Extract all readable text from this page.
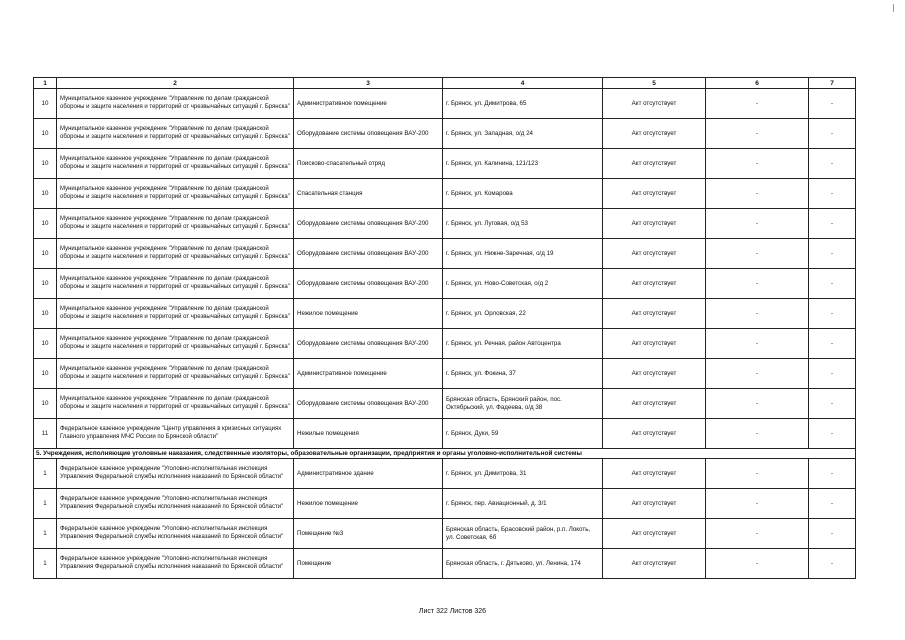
1	2	3	4	5	6	7
10	Муниципальное казенное учреждение "Управление по делам гражданской обороны и защите населения и территорий от чрезвычайных ситуаций г. Брянска"	Административное помещение	г. Брянск, ул. Димитрова, 65	Акт отсутствует	-	-
10	Муниципальное казенное учреждение "Управление по делам гражданской обороны и защите населения и территорий от чрезвычайных ситуаций г. Брянска"	Оборудование системы оповещения ВАУ-200	г. Брянск, ул. Западная, о/д 24	Акт отсутствует	-	-
10	Муниципальное казенное учреждение "Управление по делам гражданской обороны и защите населения и территорий от чрезвычайных ситуаций г. Брянска"	Поисково-спасательный отряд	г. Брянск, ул. Калинина, 121/123	Акт отсутствует	-	-
10	Муниципальное казенное учреждение "Управление по делам гражданской обороны и защите населения и территорий от чрезвычайных ситуаций г. Брянска"	Спасательная станция	г. Брянск, ул. Комарова	Акт отсутствует	-	-
10	Муниципальное казенное учреждение "Управление по делам гражданской обороны и защите населения и территорий от чрезвычайных ситуаций г. Брянска"	Оборудование системы оповещения ВАУ-200	г. Брянск, ул. Луговая, о/д 53	Акт отсутствует	-	-
10	Муниципальное казенное учреждение "Управление по делам гражданской обороны и защите населения и территорий от чрезвычайных ситуаций г. Брянска"	Оборудование системы оповещения ВАУ-200	г. Брянск, ул. Нижне-Заречная, о/д 19	Акт отсутствует	-	-
10	Муниципальное казенное учреждение "Управление по делам гражданской обороны и защите населения и территорий от чрезвычайных ситуаций г. Брянска"	Оборудование системы оповещения ВАУ-200	г. Брянск, ул. Ново-Советская, о/д 2	Акт отсутствует	-	-
10	Муниципальное казенное учреждение "Управление по делам гражданской обороны и защите населения и территорий от чрезвычайных ситуаций г. Брянска"	Нежилое помещение	г. Брянск, ул. Орловская, 22	Акт отсутствует	-	-
10	Муниципальное казенное учреждение "Управление по делам гражданской обороны и защите населения и территорий от чрезвычайных ситуаций г. Брянска"	Оборудование системы оповещения ВАУ-200	г. Брянск, ул. Речная, район Автоцентра	Акт отсутствует	-	-
10	Муниципальное казенное учреждение "Управление по делам гражданской обороны и защите населения и территорий от чрезвычайных ситуаций г. Брянска"	Административное помещение	г. Брянск, ул. Фокина, 37	Акт отсутствует	-	-
10	Муниципальное казенное учреждение "Управление по делам гражданской обороны и защите населения и территорий от чрезвычайных ситуаций г. Брянска"	Оборудование системы оповещения ВАУ-200	Брянская область, Брянский район, пос. Октябрьский, ул. Фадеева, о/д 38	Акт отсутствует	-	-
11	Федеральное казенное учреждение "Центр управления в кризисных ситуациях Главного управления МЧС России по Брянской области"	Нежилые помещения	г. Брянск, Дуки, 59	Акт отсутствует	-	-
5. Учреждения, исполняющие уголовные наказания, следственные изоляторы, образовательные организации, предприятия и органы уголовно-исполнительной системы						
1	Федеральное казенное учреждение "Уголовно-исполнительная инспекция Управления Федеральной службы исполнения наказаний по Брянской области"	Административное здание	г. Брянск, ул. Димитрова, 31	Акт отсутствует	-	-
1	Федеральное казенное учреждение "Уголовно-исполнительная инспекция Управления Федеральной службы исполнения наказаний по Брянской области"	Нежилое помещение	г. Брянск, пер. Авиационный, д. 3/1	Акт отсутствует	-	-
1	Федеральное казенное учреждение "Уголовно-исполнительная инспекция Управления Федеральной службы исполнения наказаний по Брянской области"	Помещение №3	Брянская область, Брасовский район, р.п. Локоть, ул. Советская, 6б	Акт отсутствует	-	-
1	Федеральное казенное учреждение "Уголовно-исполнительная инспекция Управления Федеральной службы исполнения наказаний по Брянской области"	Помещение	Брянская область, г. Дятьково, ул. Ленина, 174	Акт отсутствует	-	-
Лист 322 Листов 326
